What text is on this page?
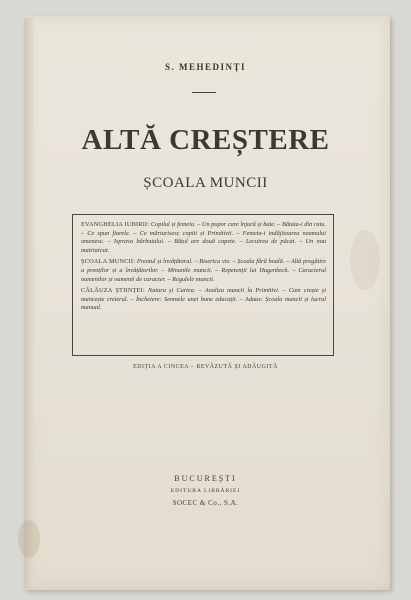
S. MEHEDINȚI
ALTĂ CREȘTERE
ȘCOALA MUNCII
EVANGHELIA IUBIRII: Copilul și femeia. – Un popor care înjură și bate. – Bătaia-i din raiu. – Ce spun fiarele. – Ce mărturisesc copiii și Primitivii. – Femeia-i indăjitoarea neamului omenesc. – Isprava bărbatului. – Bățul are două capete. – Lecuirea de păcat. – Un nou matriarcat.
ȘCOALA MUNCII: Preotul și învățătorul. – Biserica vie. – Școala fără boală. – Altă pregătire a preoților și a învățătorilor. – Minunile muncii. – Repetenții lui Hagenbeck. – Caracterul oamenilor și oamenii de caracter. – Regulele muncii.
CĂLĂUZA ȘTIINȚEI: Natura și Cartea. – Analiza muncii la Primitivi. – Cum crește și muncește creierul. – Încheiere: Semnele unei bune educații. – Adaus: Școala muncii și lucrul manual.
EDIȚIA A CINCEA – REVĂZUTĂ ȘI ADĂUGITĂ
BUCUREȘTI
EDITURA LIBRĂRIEI
SOCEC & Co., S.A.
